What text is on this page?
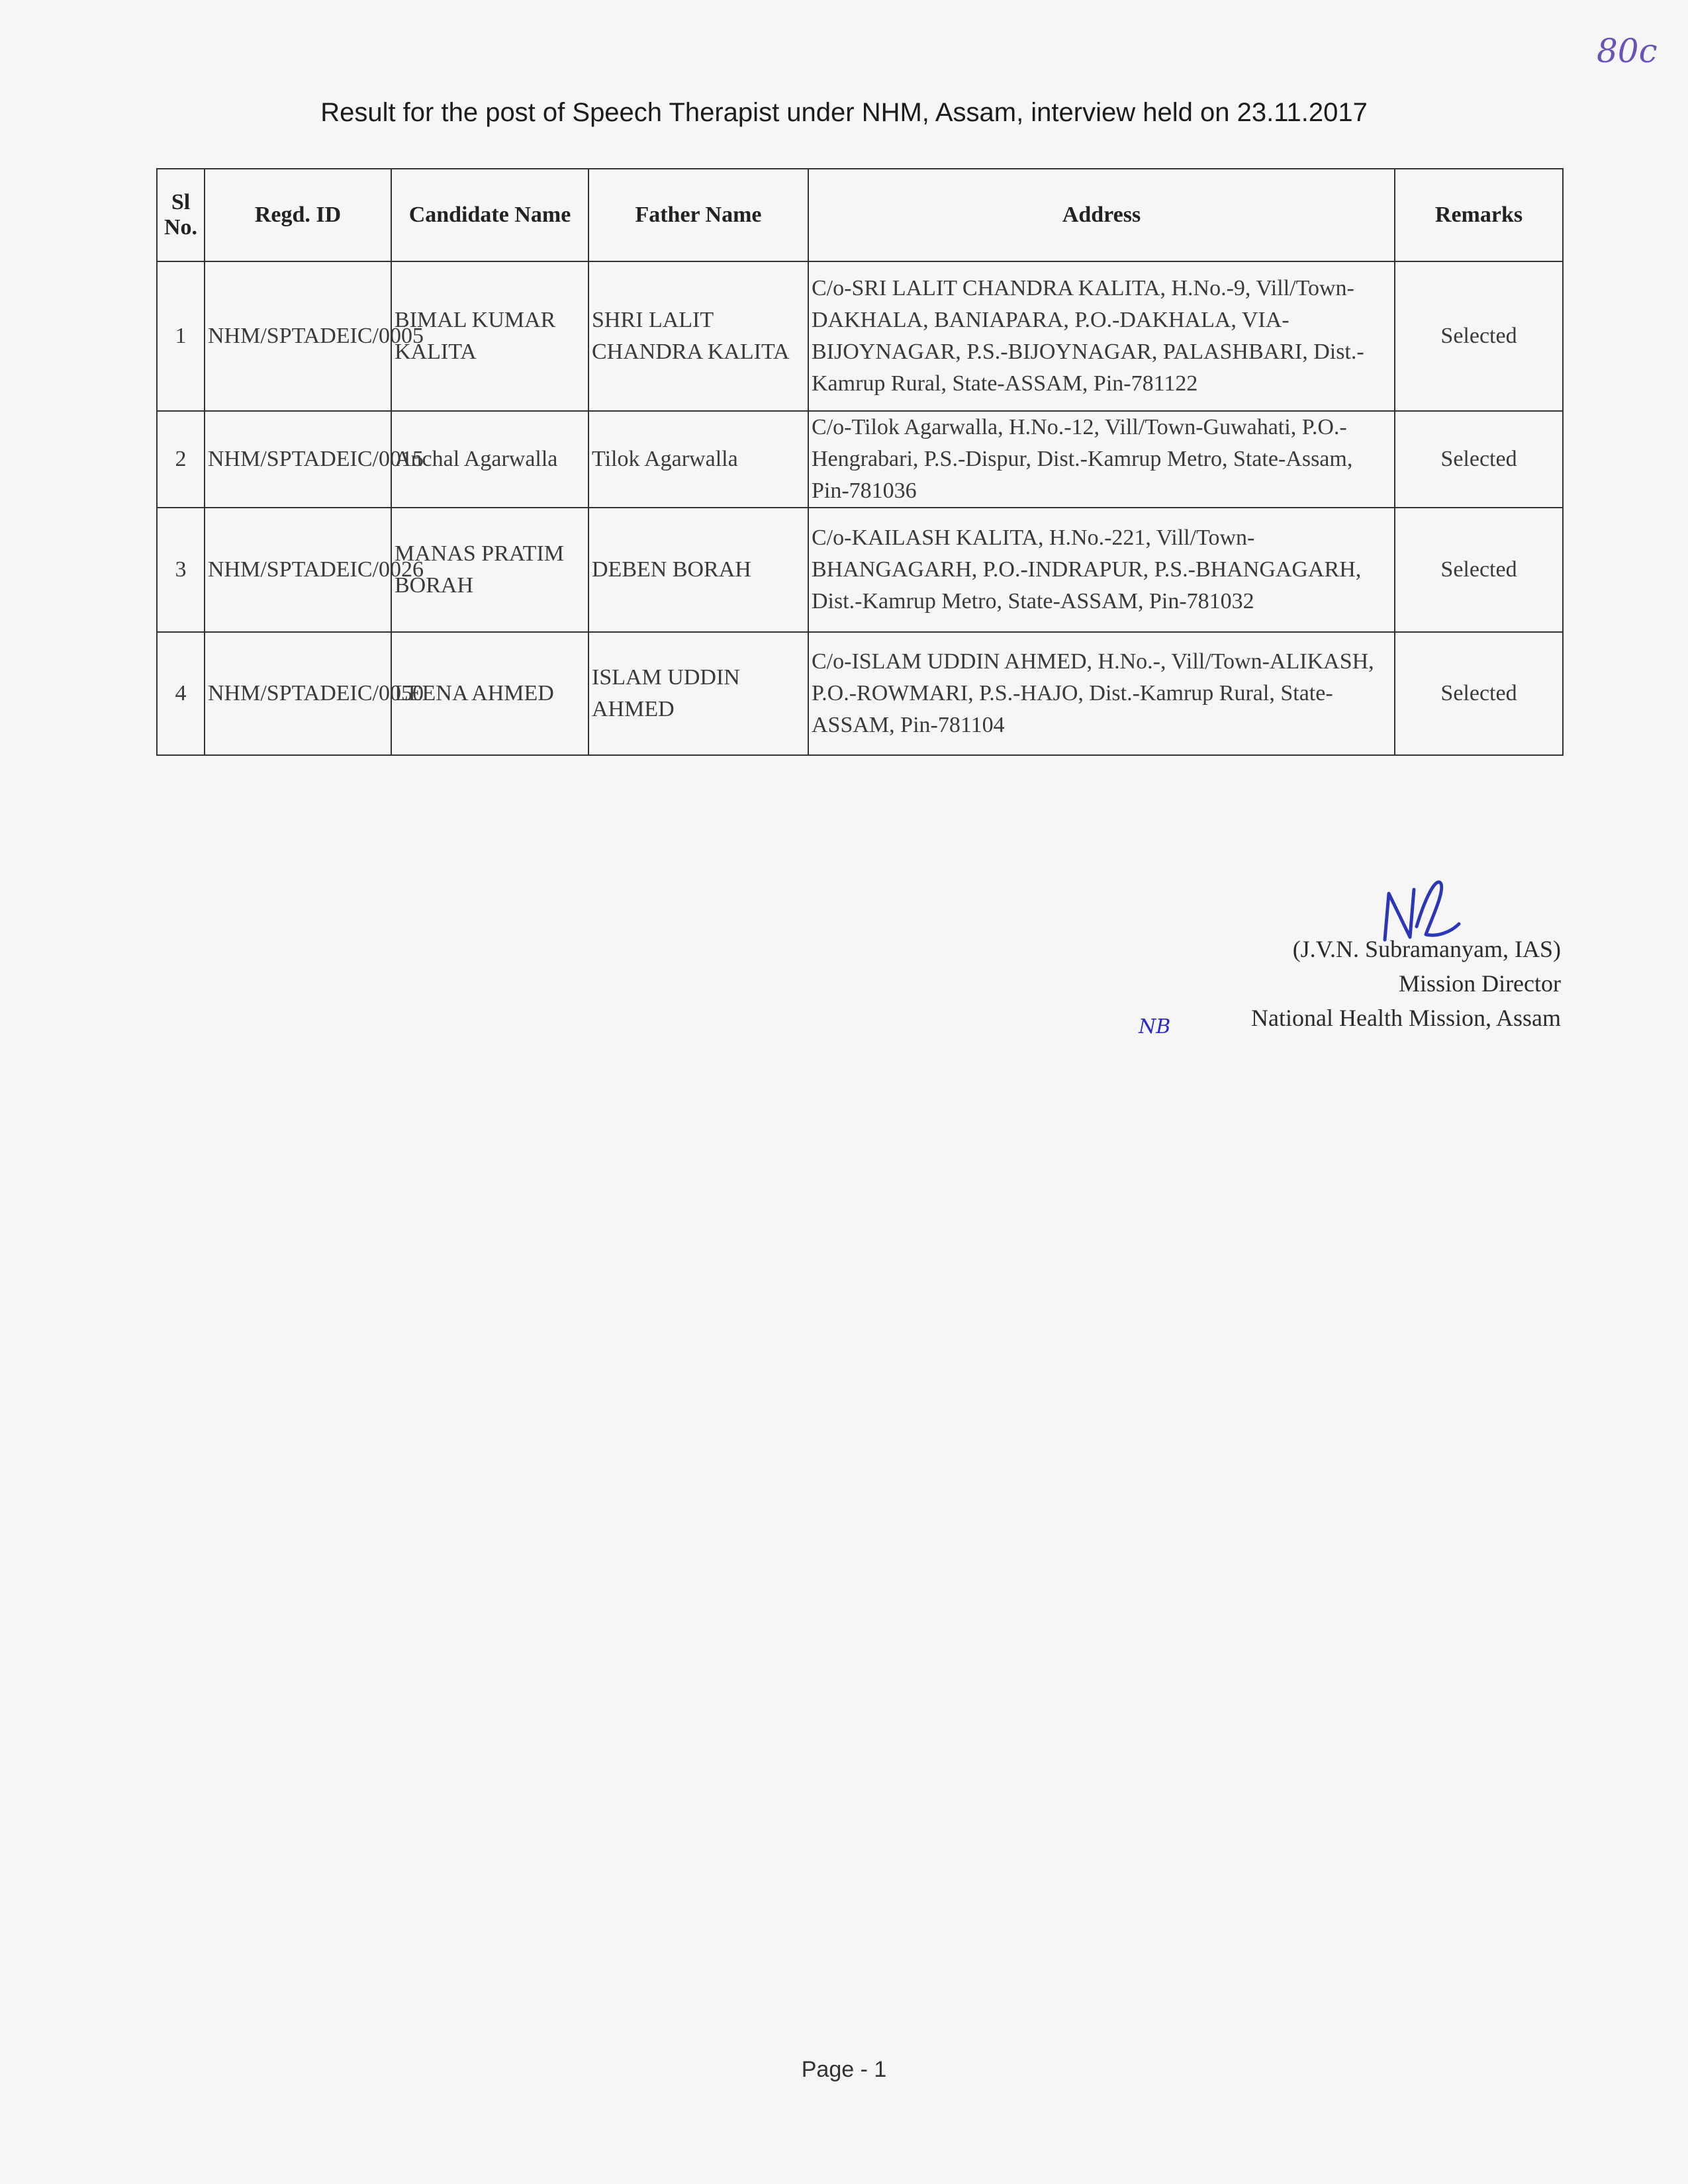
80c
Result for the post of Speech Therapist under NHM, Assam, interview held on 23.11.2017
Sl No.	Regd. ID	Candidate Name	Father Name	Address	Remarks
1	NHM/SPTADEIC/0005	BIMAL KUMAR KALITA	SHRI LALIT CHANDRA KALITA	C/o-SRI LALIT CHANDRA KALITA, H.No.-9, Vill/Town-DAKHALA, BANIAPARA, P.O.-DAKHALA, VIA- BIJOYNAGAR, P.S.-BIJOYNAGAR, PALASHBARI, Dist.-Kamrup Rural, State-ASSAM, Pin-781122	Selected
2	NHM/SPTADEIC/0015	Anchal Agarwalla	Tilok Agarwalla	C/o-Tilok Agarwalla, H.No.-12, Vill/Town-Guwahati, P.O.-Hengrabari, P.S.-Dispur, Dist.-Kamrup Metro, State-Assam, Pin-781036	Selected
3	NHM/SPTADEIC/0026	MANAS PRATIM BORAH	DEBEN BORAH	C/o-KAILASH KALITA, H.No.-221, Vill/Town-BHANGAGARH, P.O.-INDRAPUR, P.S.-BHANGAGARH, Dist.-Kamrup Metro, State-ASSAM, Pin-781032	Selected
4	NHM/SPTADEIC/0050	LEENA AHMED	ISLAM UDDIN AHMED	C/o-ISLAM UDDIN AHMED, H.No.-, Vill/Town-ALIKASH, P.O.-ROWMARI, P.S.-HAJO, Dist.-Kamrup Rural, State-ASSAM, Pin-781104	Selected
(J.V.N. Subramanyam, IAS)
Mission Director
National Health Mission, Assam
NB
Page - 1
